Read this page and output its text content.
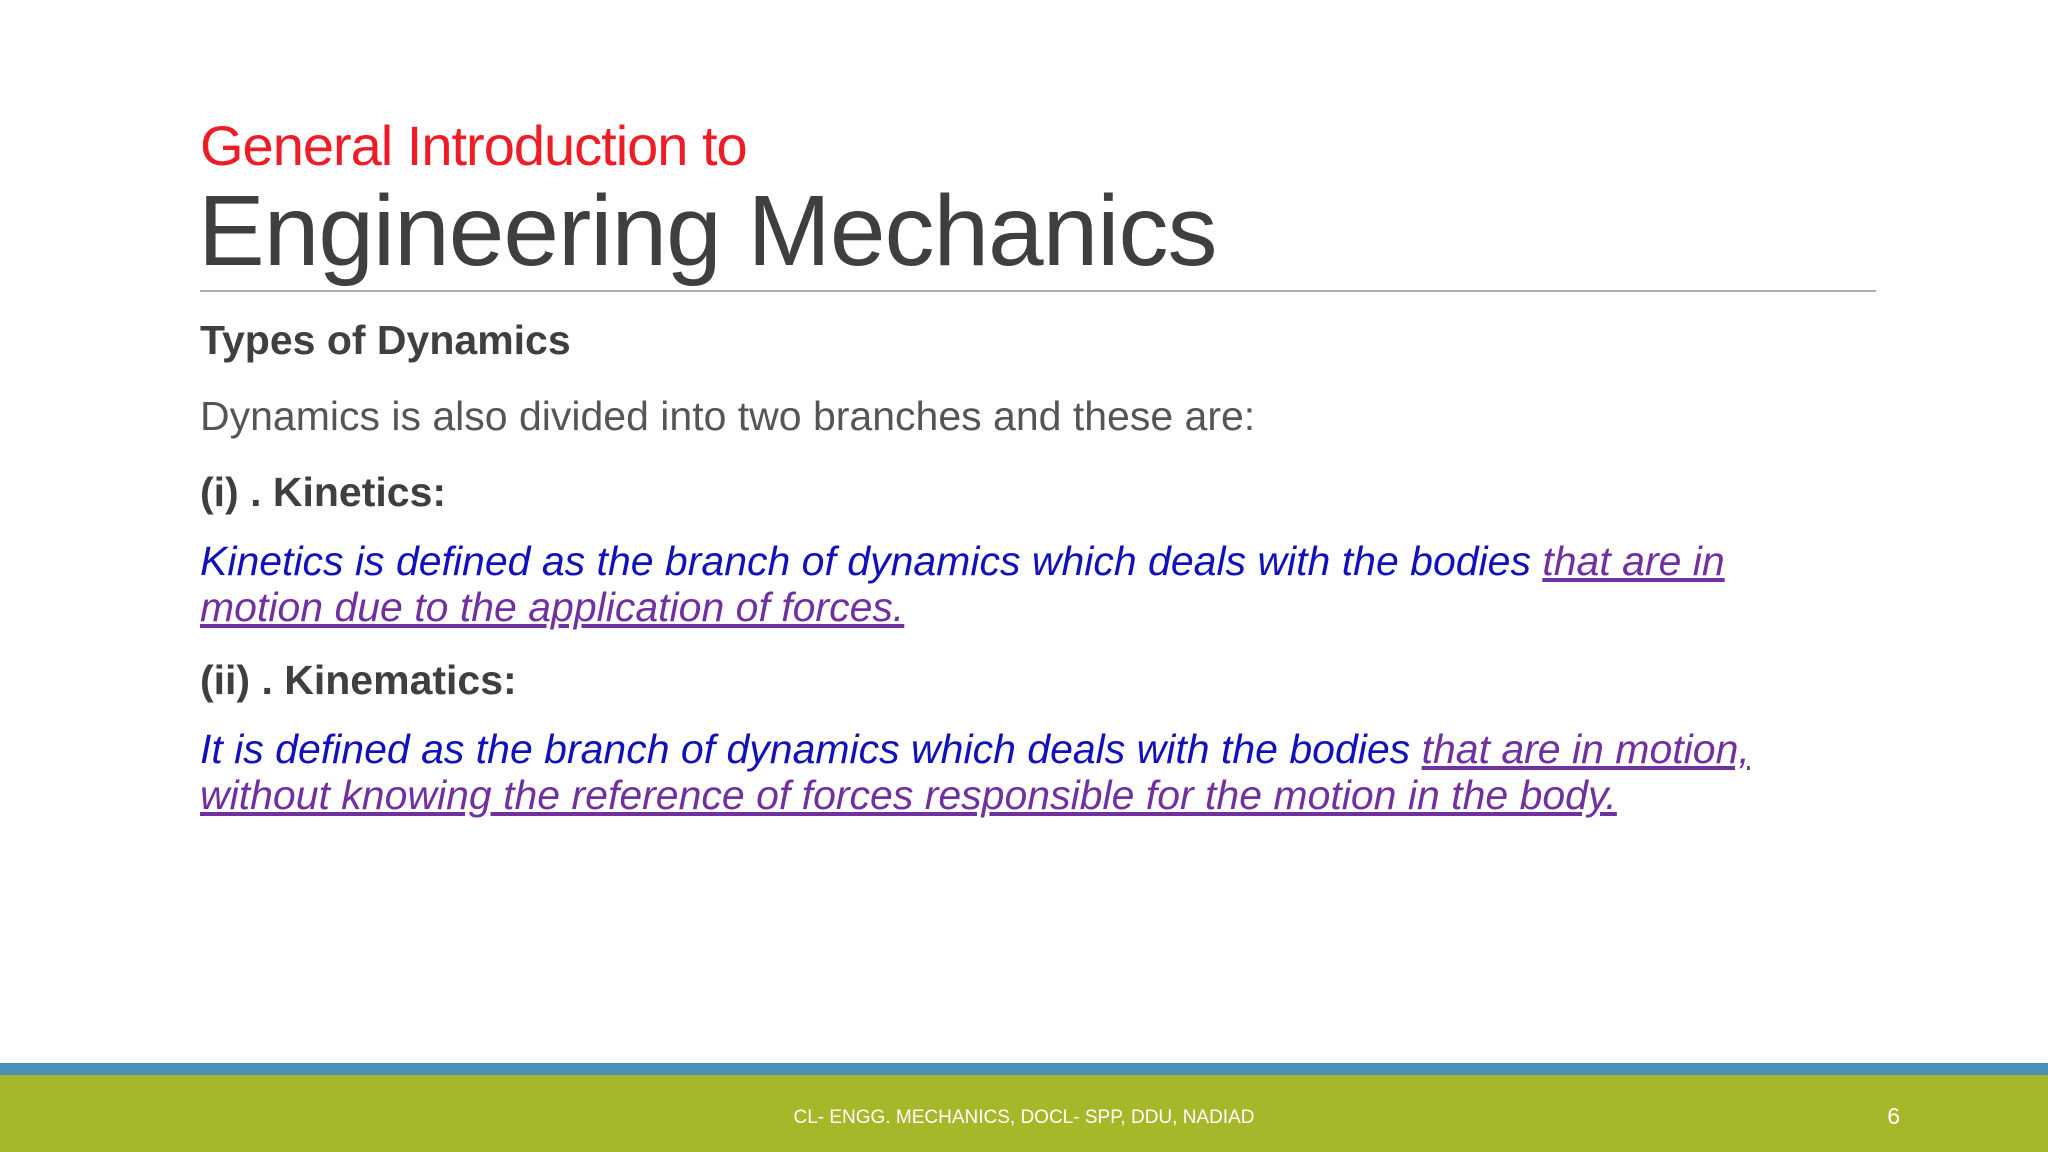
General Introduction to
Engineering Mechanics

Types of Dynamics

Dynamics is also divided into two branches and these are:

(i) . Kinetics:

Kinetics is defined as the branch of dynamics which deals with the bodies that are in motion due to the application of forces.

(ii) . Kinematics:

It is defined as the branch of dynamics which deals with the bodies that are in motion, without knowing the reference of forces responsible for the motion in the body.

CL- ENGG. MECHANICS, DOCL- SPP, DDU, NADIAD	6
